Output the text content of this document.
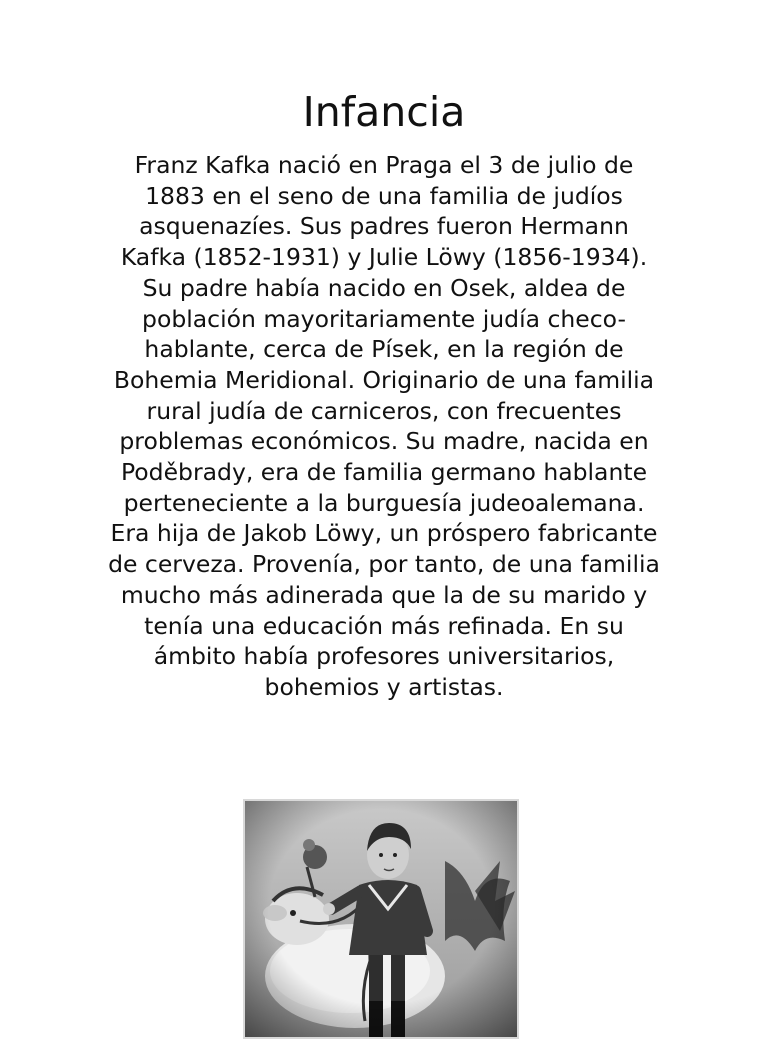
Infancia

Franz Kafka nació en Praga el 3 de julio de 1883 en el seno de una familia de judíos asquenazíes. Sus padres fueron Hermann Kafka (1852-1931) y Julie Löwy (1856-1934). Su padre había nacido en Osek, aldea de población mayoritariamente judía checo-hablante, cerca de Písek, en la región de Bohemia Meridional. Originario de una familia rural judía de carniceros, con frecuentes problemas económicos. Su madre, nacida en Poděbrady, era de familia germano hablante perteneciente a la burguesía judeoalemana. Era hija de Jakob Löwy, un próspero fabricante de cerveza. Provenía, por tanto, de una familia mucho más adinerada que la de su marido y tenía una educación más refinada. En su ámbito había profesores universitarios, bohemios y artistas.
